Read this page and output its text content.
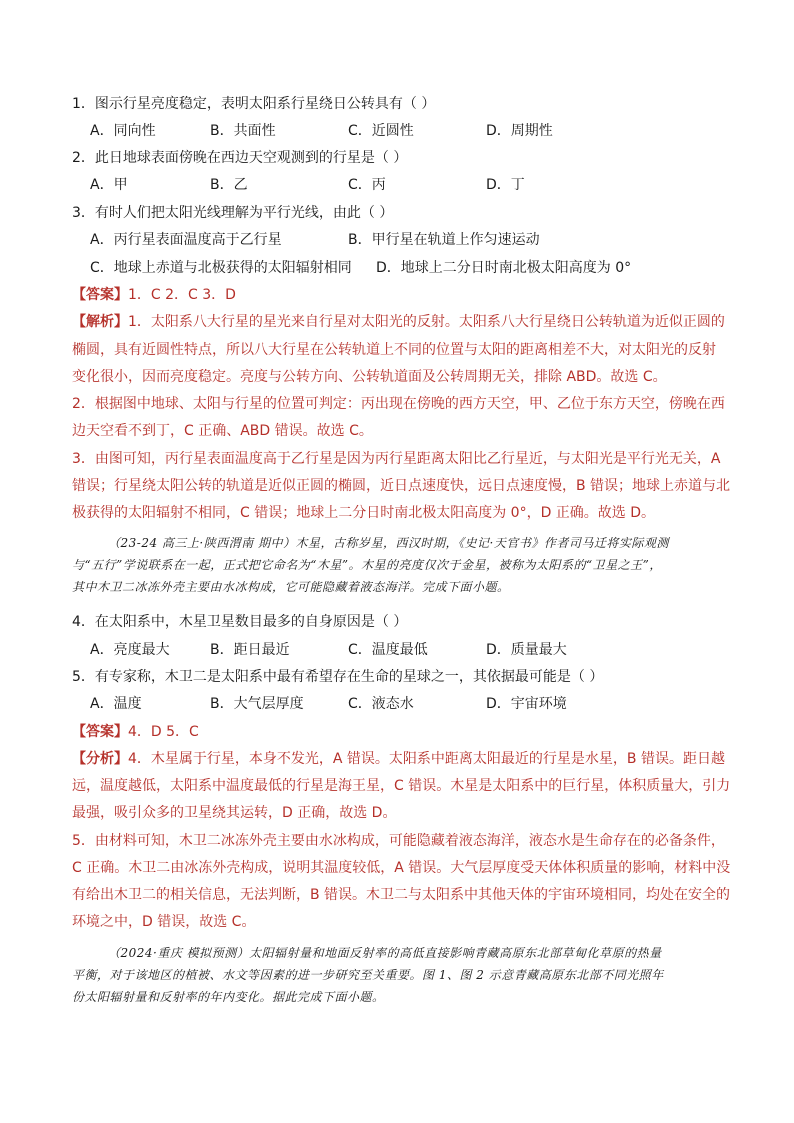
1．图示行星亮度稳定，表明太阳系行星绕日公转具有（ ）
A．同向性	B．共面性	C．近圆性	D．周期性
2．此日地球表面傍晚在西边天空观测到的行星是（ ）
A．甲	B．乙	C．丙	D．丁
3．有时人们把太阳光线理解为平行光线，由此（ ）
A．丙行星表面温度高于乙行星	B．甲行星在轨道上作匀速运动
C．地球上赤道与北极获得的太阳辐射相同 D．地球上二分日时南北极太阳高度为 0°
【答案】1．C 2．C 3．D
【解析】1．太阳系八大行星的星光来自行星对太阳光的反射。太阳系八大行星绕日公转轨道为近似正圆的
椭圆，具有近圆性特点，所以八大行星在公转轨道上不同的位置与太阳的距离相差不大，对太阳光的反射
变化很小，因而亮度稳定。亮度与公转方向、公转轨道面及公转周期无关，排除 ABD。故选 C。
2．根据图中地球、太阳与行星的位置可判定：丙出现在傍晚的西方天空，甲、乙位于东方天空，傍晚在西
边天空看不到丁，C 正确、ABD 错误。故选 C。
3．由图可知，丙行星表面温度高于乙行星是因为丙行星距离太阳比乙行星近，与太阳光是平行光无关，A
错误；行星绕太阳公转的轨道是近似正圆的椭圆，近日点速度快，远日点速度慢，B 错误；地球上赤道与北
极获得的太阳辐射不相同，C 错误；地球上二分日时南北极太阳高度为 0°，D 正确。故选 D。
（23-24 高三上·陕西渭南 期中）木星，古称岁星，西汉时期，《史记·天官书》作者司马迁将实际观测
与“五行”学说联系在一起，正式把它命名为“木星”。木星的亮度仅次于金星，被称为太阳系的“卫星之王”，
其中木卫二冰冻外壳主要由水冰构成，它可能隐藏着液态海洋。完成下面小题。
4．在太阳系中，木星卫星数目最多的自身原因是（ ）
A．亮度最大	B．距日最近	C．温度最低	D．质量最大
5．有专家称，木卫二是太阳系中最有希望存在生命的星球之一，其依据最可能是（ ）
A．温度	B．大气层厚度	C．液态水	D．宇宙环境
【答案】4．D 5．C
【分析】4．木星属于行星，本身不发光，A 错误。太阳系中距离太阳最近的行星是水星，B 错误。距日越
远，温度越低，太阳系中温度最低的行星是海王星，C 错误。木星是太阳系中的巨行星，体积质量大，引力
最强，吸引众多的卫星绕其运转，D 正确，故选 D。
5．由材料可知，木卫二冰冻外壳主要由水冰构成，可能隐藏着液态海洋，液态水是生命存在的必备条件，
C 正确。木卫二由冰冻外壳构成，说明其温度较低，A 错误。大气层厚度受天体体积质量的影响，材料中没
有给出木卫二的相关信息，无法判断，B 错误。木卫二与太阳系中其他天体的宇宙环境相同，均处在安全的
环境之中，D 错误，故选 C。
（2024·重庆 模拟预测）太阳辐射量和地面反射率的高低直接影响青藏高原东北部草甸化草原的热量
平衡，对于该地区的植被、水文等因素的进一步研究至关重要。图 1、图 2 示意青藏高原东北部不同光照年
份太阳辐射量和反射率的年内变化。据此完成下面小题。
